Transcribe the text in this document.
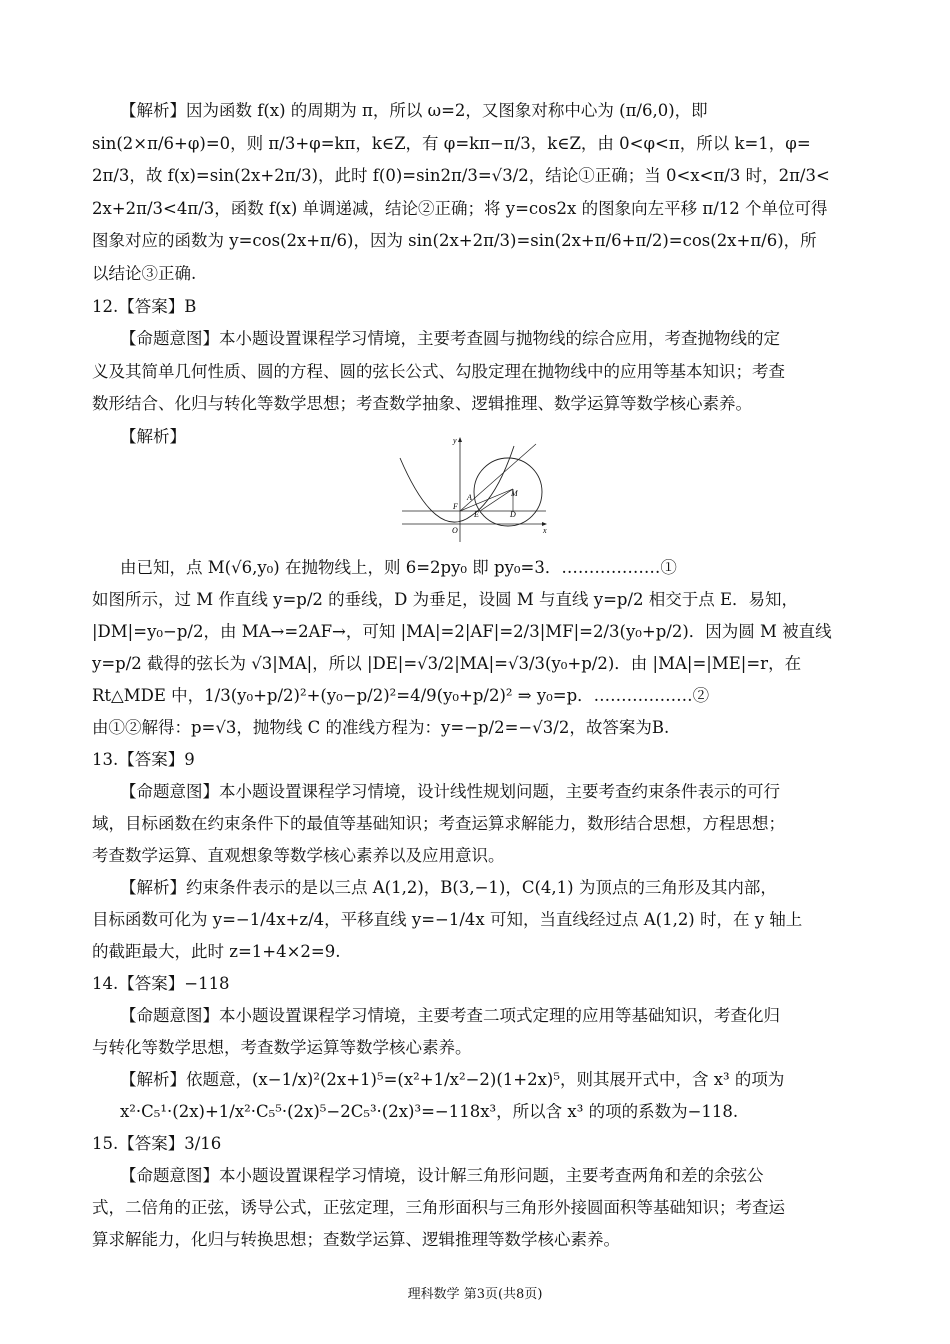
【解析】因为函数 f(x) 的周期为 π，所以 ω=2，又图象对称中心为 (π/6,0)，即
sin(2×π/6+φ)=0，则 π/3+φ=kπ，k∈Z，有 φ=kπ−π/3，k∈Z，由 0<φ<π，所以 k=1，φ=
2π/3，故 f(x)=sin(2x+2π/3)，此时 f(0)=sin2π/3=√3/2，结论①正确；当 0<x<π/3 时，2π/3<
2x+2π/3<4π/3，函数 f(x) 单调递减，结论②正确；将 y=cos2x 的图象向左平移 π/12 个单位可得
图象对应的函数为 y=cos(2x+π/6)，因为 sin(2x+2π/3)=sin(2x+π/6+π/2)=cos(2x+π/6)，所
以结论③正确.
12.【答案】B
【命题意图】本小题设置课程学习情境，主要考查圆与抛物线的综合应用，考查抛物线的定
义及其简单几何性质、圆的方程、圆的弦长公式、勾股定理在抛物线中的应用等基本知识；考查
数形结合、化归与转化等数学思想；考查数学抽象、逻辑推理、数学运算等数学核心素养。
【解析】	y
x
O
F
E
A	M
D
由已知，点 M(√6,y₀) 在抛物线上，则 6=2py₀ 即 py₀=3．………………①
如图所示，过 M 作直线 y=p/2 的垂线，D 为垂足，设圆 M 与直线 y=p/2 相交于点 E．易知，
|DM|=y₀−p/2，由 MA→=2AF→，可知 |MA|=2|AF|=2/3|MF|=2/3(y₀+p/2)．因为圆 M 被直线
y=p/2 截得的弦长为 √3|MA|，所以 |DE|=√3/2|MA|=√3/3(y₀+p/2)．由 |MA|=|ME|=r，在
Rt△MDE 中，1/3(y₀+p/2)²+(y₀−p/2)²=4/9(y₀+p/2)² ⇒ y₀=p．………………②
由①②解得：p=√3，抛物线 C 的准线方程为：y=−p/2=−√3/2，故答案为B.
13.【答案】9
【命题意图】本小题设置课程学习情境，设计线性规划问题，主要考查约束条件表示的可行
域，目标函数在约束条件下的最值等基础知识；考查运算求解能力，数形结合思想，方程思想；
考查数学运算、直观想象等数学核心素养以及应用意识。
【解析】约束条件表示的是以三点 A(1,2)，B(3,−1)，C(4,1) 为顶点的三角形及其内部，
目标函数可化为 y=−1/4x+z/4，平移直线 y=−1/4x 可知，当直线经过点 A(1,2) 时，在 y 轴上
的截距最大，此时 z=1+4×2=9.
14.【答案】−118
【命题意图】本小题设置课程学习情境，主要考查二项式定理的应用等基础知识，考查化归
与转化等数学思想，考查数学运算等数学核心素养。
【解析】依题意，(x−1/x)²(2x+1)⁵=(x²+1/x²−2)(1+2x)⁵，则其展开式中，含 x³ 的项为
x²·C₅¹·(2x)+1/x²·C₅⁵·(2x)⁵−2C₅³·(2x)³=−118x³，所以含 x³ 的项的系数为−118.
15.【答案】3/16
【命题意图】本小题设置课程学习情境，设计解三角形问题，主要考查两角和差的余弦公
式，二倍角的正弦，诱导公式，正弦定理，三角形面积与三角形外接圆面积等基础知识；考查运
算求解能力，化归与转换思想；查数学运算、逻辑推理等数学核心素养。
理科数学 第3页(共8页)
